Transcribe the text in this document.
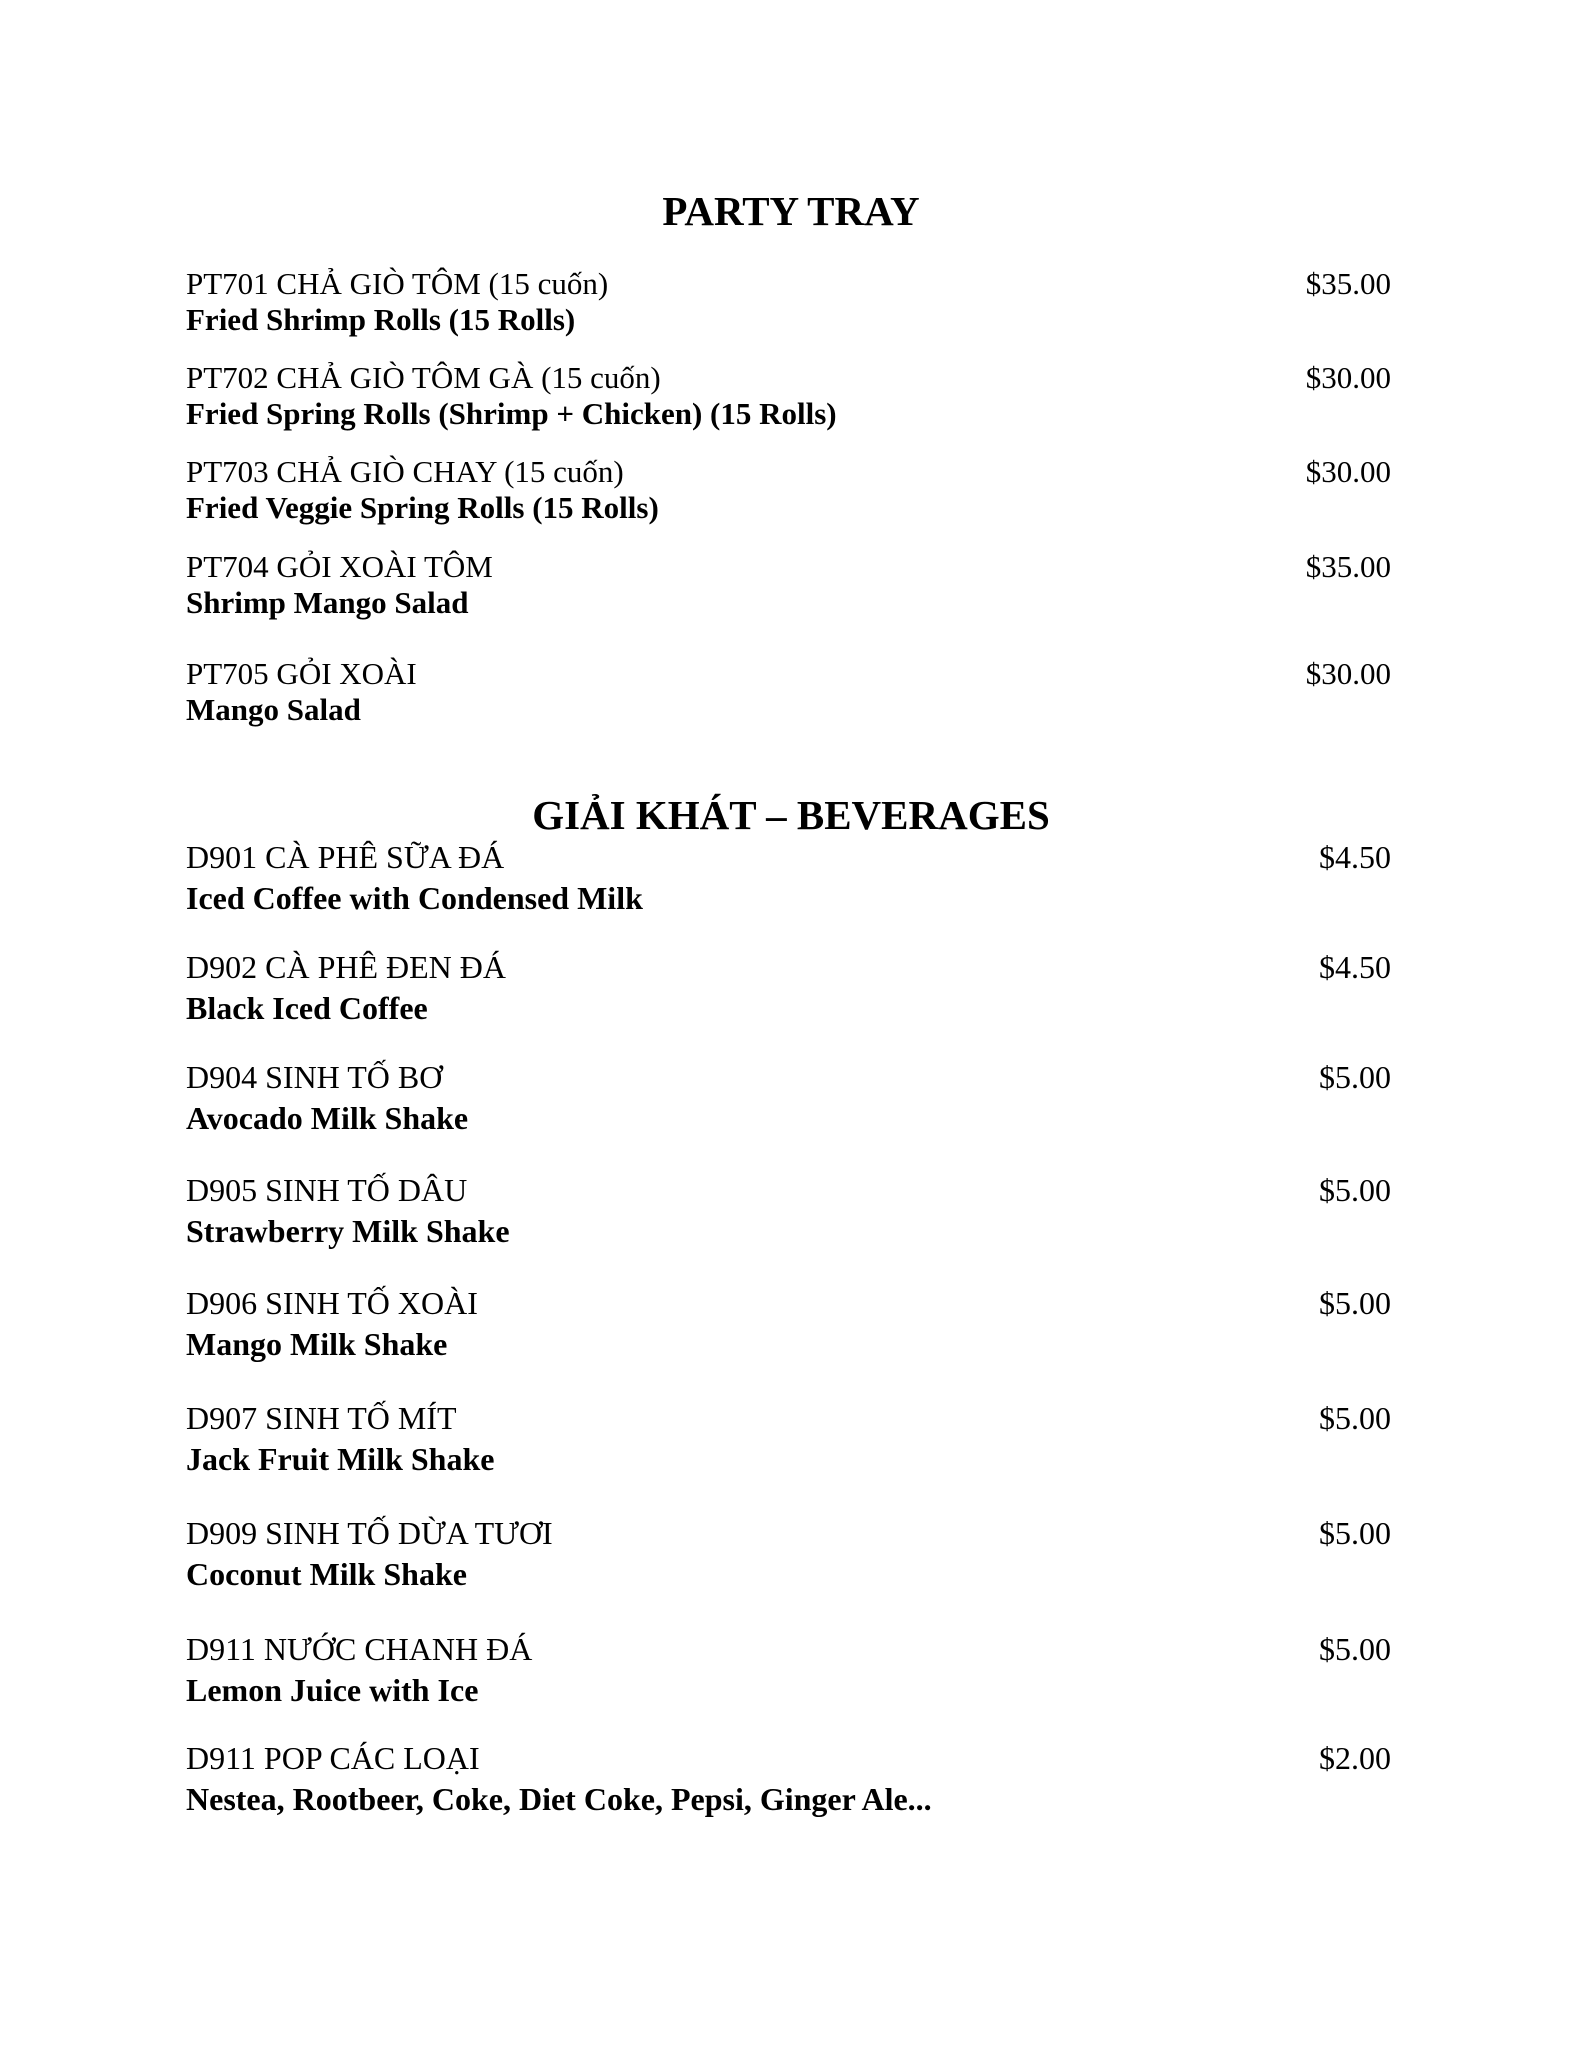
PARTY TRAY
PT701 CHẢ GIÒ TÔM (15 cuốn)
Fried Shrimp Rolls (15 Rolls)
$35.00
PT702 CHẢ GIÒ TÔM GÀ (15 cuốn)
Fried Spring Rolls (Shrimp + Chicken) (15 Rolls)
$30.00
PT703 CHẢ GIÒ CHAY (15 cuốn)
Fried Veggie Spring Rolls (15 Rolls)
$30.00
PT704 GỎI XOÀI TÔM
Shrimp Mango Salad
$35.00
PT705 GỎI XOÀI
Mango Salad
$30.00
GIẢI KHÁT – BEVERAGES
D901 CÀ PHÊ SỮA ĐÁ
Iced Coffee with Condensed Milk
$4.50
D902 CÀ PHÊ ĐEN ĐÁ
Black Iced Coffee
$4.50
D904 SINH TỐ BƠ
Avocado Milk Shake
$5.00
D905 SINH TỐ DÂU
Strawberry Milk Shake
$5.00
D906 SINH TỐ XOÀI
Mango Milk Shake
$5.00
D907 SINH TỐ MÍT
Jack Fruit Milk Shake
$5.00
D909 SINH TỐ DỪA TƯƠI
Coconut Milk Shake
$5.00
D911 NƯỚC CHANH ĐÁ
Lemon Juice with Ice
$5.00
D911 POP CÁC LOẠI
Nestea, Rootbeer, Coke, Diet Coke, Pepsi, Ginger Ale...
$2.00
